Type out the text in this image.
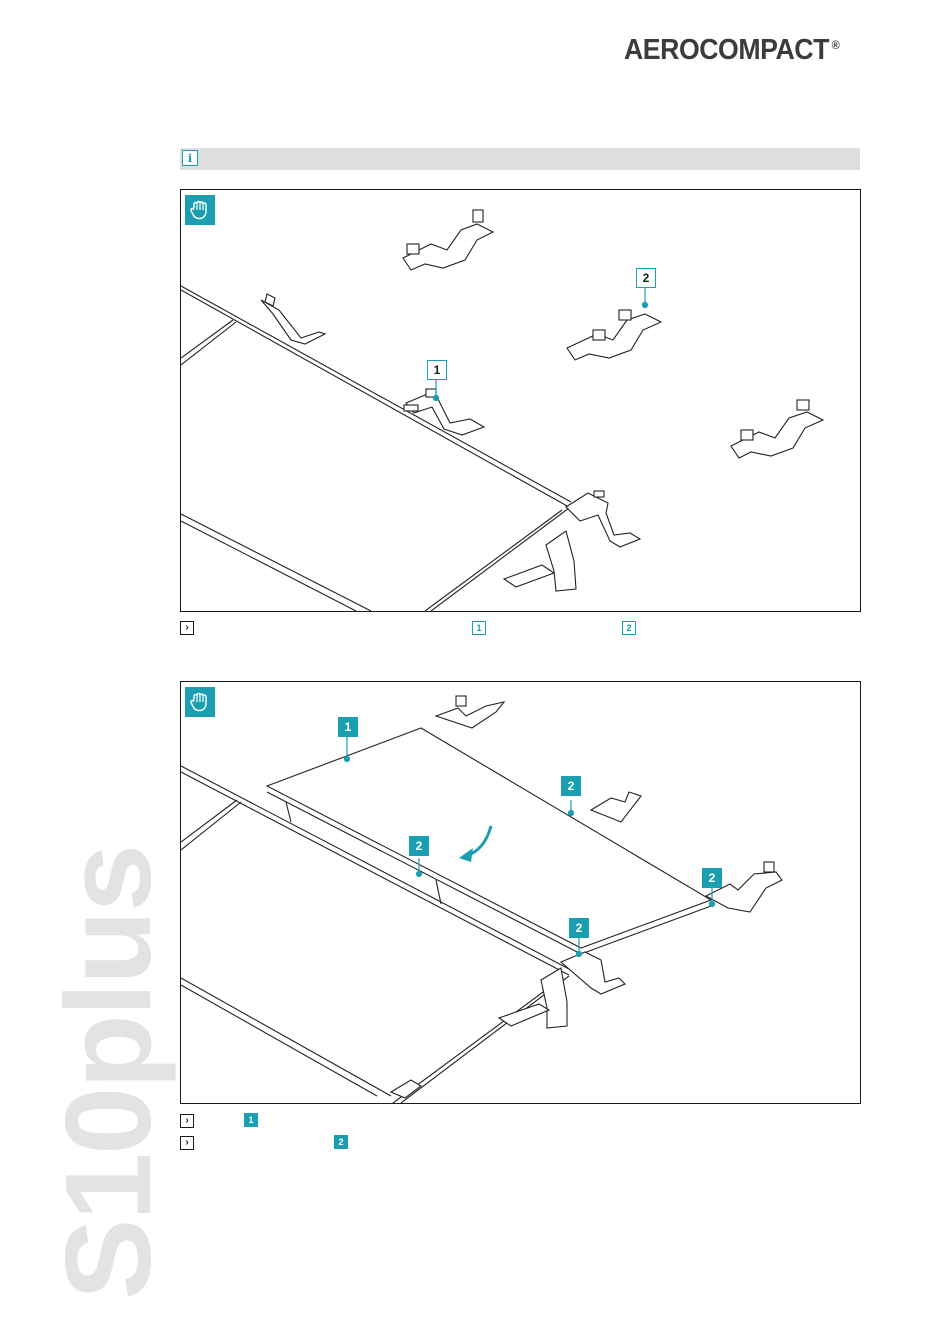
AEROCOMPACT ®
i
1
2
›	1	2
1
2
2
2
2
›	1
›	2
S10plus
